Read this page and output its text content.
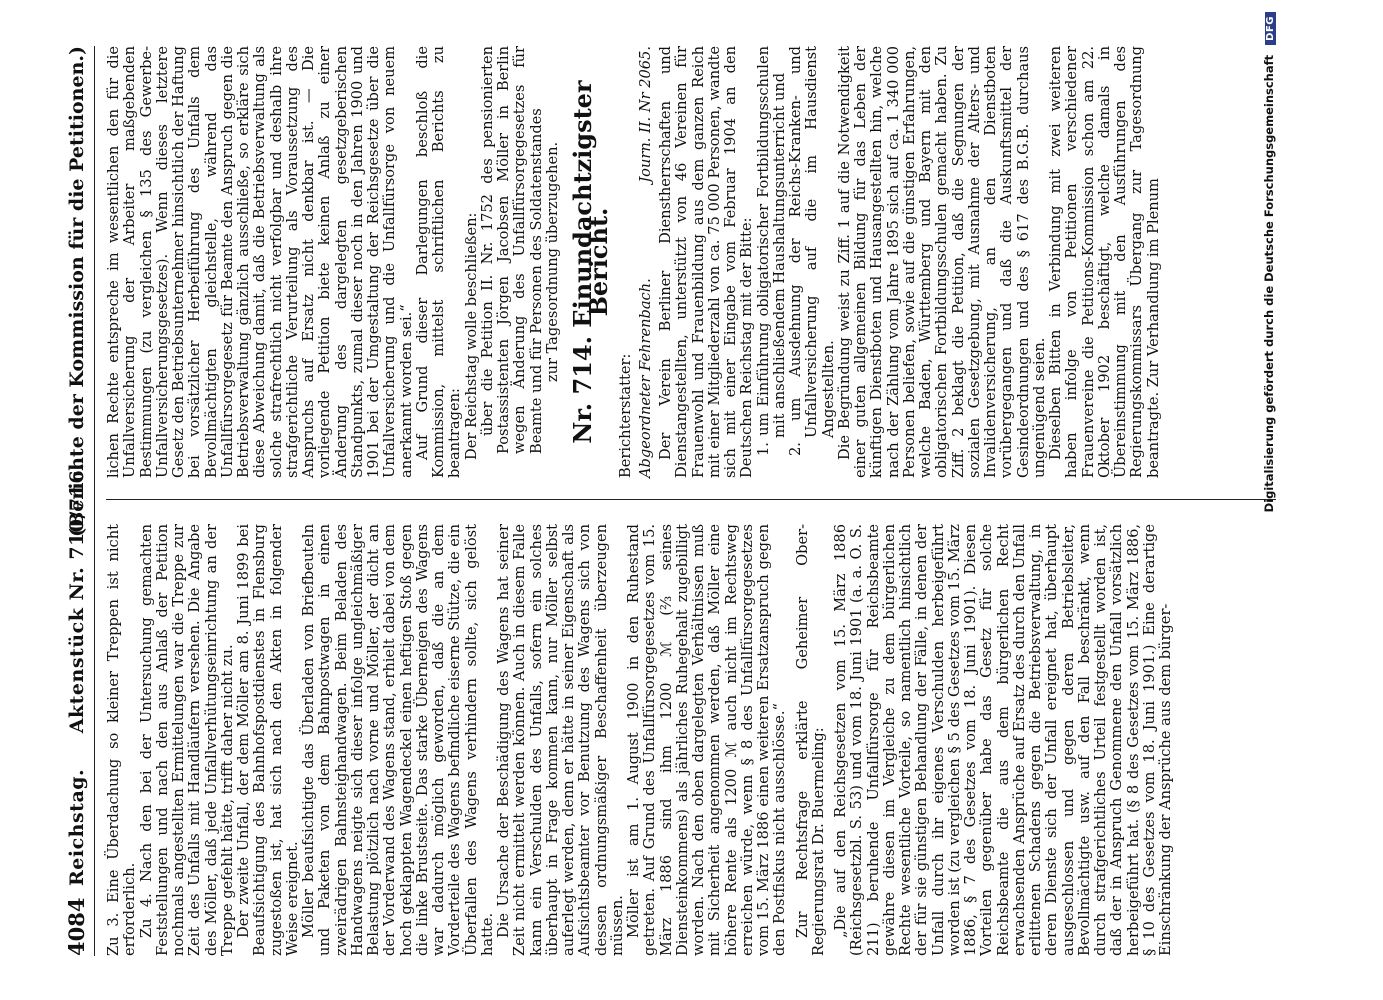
4084
Reichstag.     Aktenstück Nr. 710/716.
(Berichte der Kommission für die Petitionen.)

Zu 3. Eine Überdachung so kleiner Treppen ist nicht erforderlich. Zu 4. Nach den bei der Untersuchung gemachten Feststellungen und nach den aus Anlaß der Petition nochmals angestellten Ermittelungen war die Treppe zur Zeit des Unfalls mit Handläufern versehen. Die Angabe des Möller, daß jede Unfallverhütungseinrichtung an der Treppe gefehlt hätte, trifft daher nicht zu. Der zweite Unfall, der dem Möller am 8. Juni 1899 bei Beaufsichtigung des Bahnhofspostdienstes in Flensburg zugestoßen ist, hat sich nach den Akten in folgender Weise ereignet. Möller beaufsichtigte das Überladen von Briefbeuteln und Paketen von dem Bahnpostwagen in einen zweirädrigen Bahnsteighandwagen. Beim Beladen des Handwagens neigte sich dieser infolge ungleichmäßiger Belastung plötzlich nach vorne und Möller, der dicht an der Vorderwand des Wagens stand, erhielt dabei von dem hoch geklappten Wagendeckel einen heftigen Stoß gegen die linke Brustseite. Das starke Überneigen des Wagens war dadurch möglich geworden, daß die an dem Vorderteile des Wagens befindliche eiserne Stütze, die ein Überfallen des Wagens verhindern sollte, sich gelöst hatte. Die Ursache der Beschädigung des Wagens hat seiner Zeit nicht ermittelt werden können. Auch in diesem Falle kann ein Verschulden des Unfalls, sofern ein solches überhaupt in Frage kommen kann, nur Möller selbst auferlegt werden, denn er hätte in seiner Eigenschaft als Aufsichtsbeamter vor Benutzung des Wagens sich von dessen ordnungsmäßiger Beschaffenheit überzeugen müssen. Möller ist am 1. August 1900 in den Ruhestand getreten. Auf Grund des Unfallfürsorgegesetzes vom 15. März 1886 sind ihm 1200 ℳ (⅔ seines Diensteinkommens) als jährliches Ruhegehalt zugebilligt worden. Nach den oben dargelegten Verhältnissen muß mit Sicherheit angenommen werden, daß Möller eine höhere Rente als 1200 ℳ auch nicht im Rechtsweg erreichen würde, wenn § 8 des Unfallfürsorgegesetzes vom 15. März 1886 einen weiteren Ersatzanspruch gegen den Postfiskus nicht ausschlösse.“ Zur Rechtsfrage erklärte Geheimer Ober-Regierungsrat Dr. Buermeling: „Die auf den Reichsgesetzen vom 15. März 1886 (Reichsgesetzbl. S. 53) und vom 18. Juni 1901 (a. a. O. S. 211) beruhende Unfallfürsorge für Reichsbeamte gewähre diesen im Vergleiche zu dem bürgerlichen Rechte wesentliche Vorteile, so namentlich hinsichtlich der für sie günstigen Behandlung der Fälle, in denen der Unfall durch ihr eigenes Verschulden herbeigeführt worden ist (zu vergleichen § 5 des Gesetzes vom 15. März 1886, § 7 des Gesetzes vom 18. Juni 1901). Diesen Vorteilen gegenüber habe das Gesetz für solche Reichsbeamte die aus dem bürgerlichen Recht erwachsenden Ansprüche auf Ersatz des durch den Unfall erlittenen Schadens gegen die Betriebsverwaltung, in deren Dienste sich der Unfall ereignet hat, überhaupt ausgeschlossen und gegen deren Betriebsleiter, Bevollmächtigte usw. auf den Fall beschränkt, wenn durch strafgerichtliches Urteil festgestellt worden ist, daß der in Anspruch Genommene den Unfall vorsätzlich herbeigeführt hat. (§ 8 des Gesetzes vom 15. März 1886, § 10 des Gesetzes vom 18. Juni 1901.) Eine derartige Einschränkung der Ansprüche aus dem bürger-

lichen Rechte entspreche im wesentlichen den für die Unfallversicherung der Arbeiter maßgebenden Bestimmungen (zu vergleichen § 135 des Gewerbe-Unfallversicherungsgesetzes). Wenn dieses letztere Gesetz den Betriebsunternehmer hinsichtlich der Haftung bei vorsätzlicher Herbeiführung des Unfalls dem Bevollmächtigten gleichstelle, während das Unfallfürsorgegesetz für Beamte den Anspruch gegen die Betriebsverwaltung gänzlich ausschließe, so erkläre sich diese Abweichung damit, daß die Betriebsverwaltung als solche strafrechtlich nicht verfolgbar und deshalb ihre strafgerichtliche Verurteilung als Voraussetzung des Anspruchs auf Ersatz nicht denkbar ist. — Die vorliegende Petition biete keinen Anlaß zu einer Änderung des dargelegten gesetzgeberischen Standpunkts, zumal dieser noch in den Jahren 1900 und 1901 bei der Umgestaltung der Reichsgesetze über die Unfallversicherung und die Unfallfürsorge von neuem anerkannt worden sei.“ Auf Grund dieser Darlegungen beschloß die Kommission, mittelst schriftlichen Berichts zu beantragen: Der Reichstag wolle beschließen: über die Petition II. Nr. 1752 des pensionierten Postassistenten Jörgen Jacobsen Möller in Berlin wegen Änderung des Unfallfürsorgegesetzes für Beamte und für Personen des Soldatenstandes zur Tagesordnung überzugehen. Nr. 714. Einundachtzigster Bericht.

Berichterstatter: Abgeordneter Fehrenbach.
Journ. II. Nr 2065. Der Verein Berliner Dienstherrschaften und Dienstangestellten, unterstützt von 46 Vereinen für Frauenwohl und Frauenbildung aus dem ganzen Reich mit einer Mitgliederzahl von ca. 75 000 Personen, wandte sich mit einer Eingabe vom Februar 1904 an den Deutschen Reichstag mit der Bitte: 1. um Einführung obligatorischer Fortbildungsschulen mit anschließendem Haushaltungsunterricht und 2. um Ausdehnung der Reichs-Kranken- und Unfallversicherung auf die im Hausdienst Angestellten. Die Begründung weist zu Ziff. 1 auf die Notwendigkeit einer guten allgemeinen Bildung für das Leben der künftigen Dienstboten und Hausangestellten hin, welche nach der Zählung vom Jahre 1895 sich auf ca. 1 340 000 Personen beliefen, sowie auf die günstigen Erfahrungen, welche Baden, Württemberg und Bayern mit den obligatorischen Fortbildungsschulen gemacht haben. Zu Ziff. 2 beklagt die Petition, daß die Segnungen der sozialen Gesetzgebung, mit Ausnahme der Alters- und Invalidenversicherung, an den Dienstboten vorübergegangen und daß die Auskunftsmittel der Gesindeordnungen und des § 617 des B.G.B. durchaus ungenügend seien. Dieselben Bitten in Verbindung mit zwei weiteren haben infolge von Petitionen verschiedener Frauenvereine die Petitions-Kommission schon am 22. Oktober 1902 beschäftigt, welche damals in Übereinstimmung mit den Ausführungen des Regierungskommissars Übergang zur Tagesordnung beantragte. Zur Verhandlung im Plenum	Digitalisierung gefördert durch die Deutsche Forschungsgemeinschaft DFG
